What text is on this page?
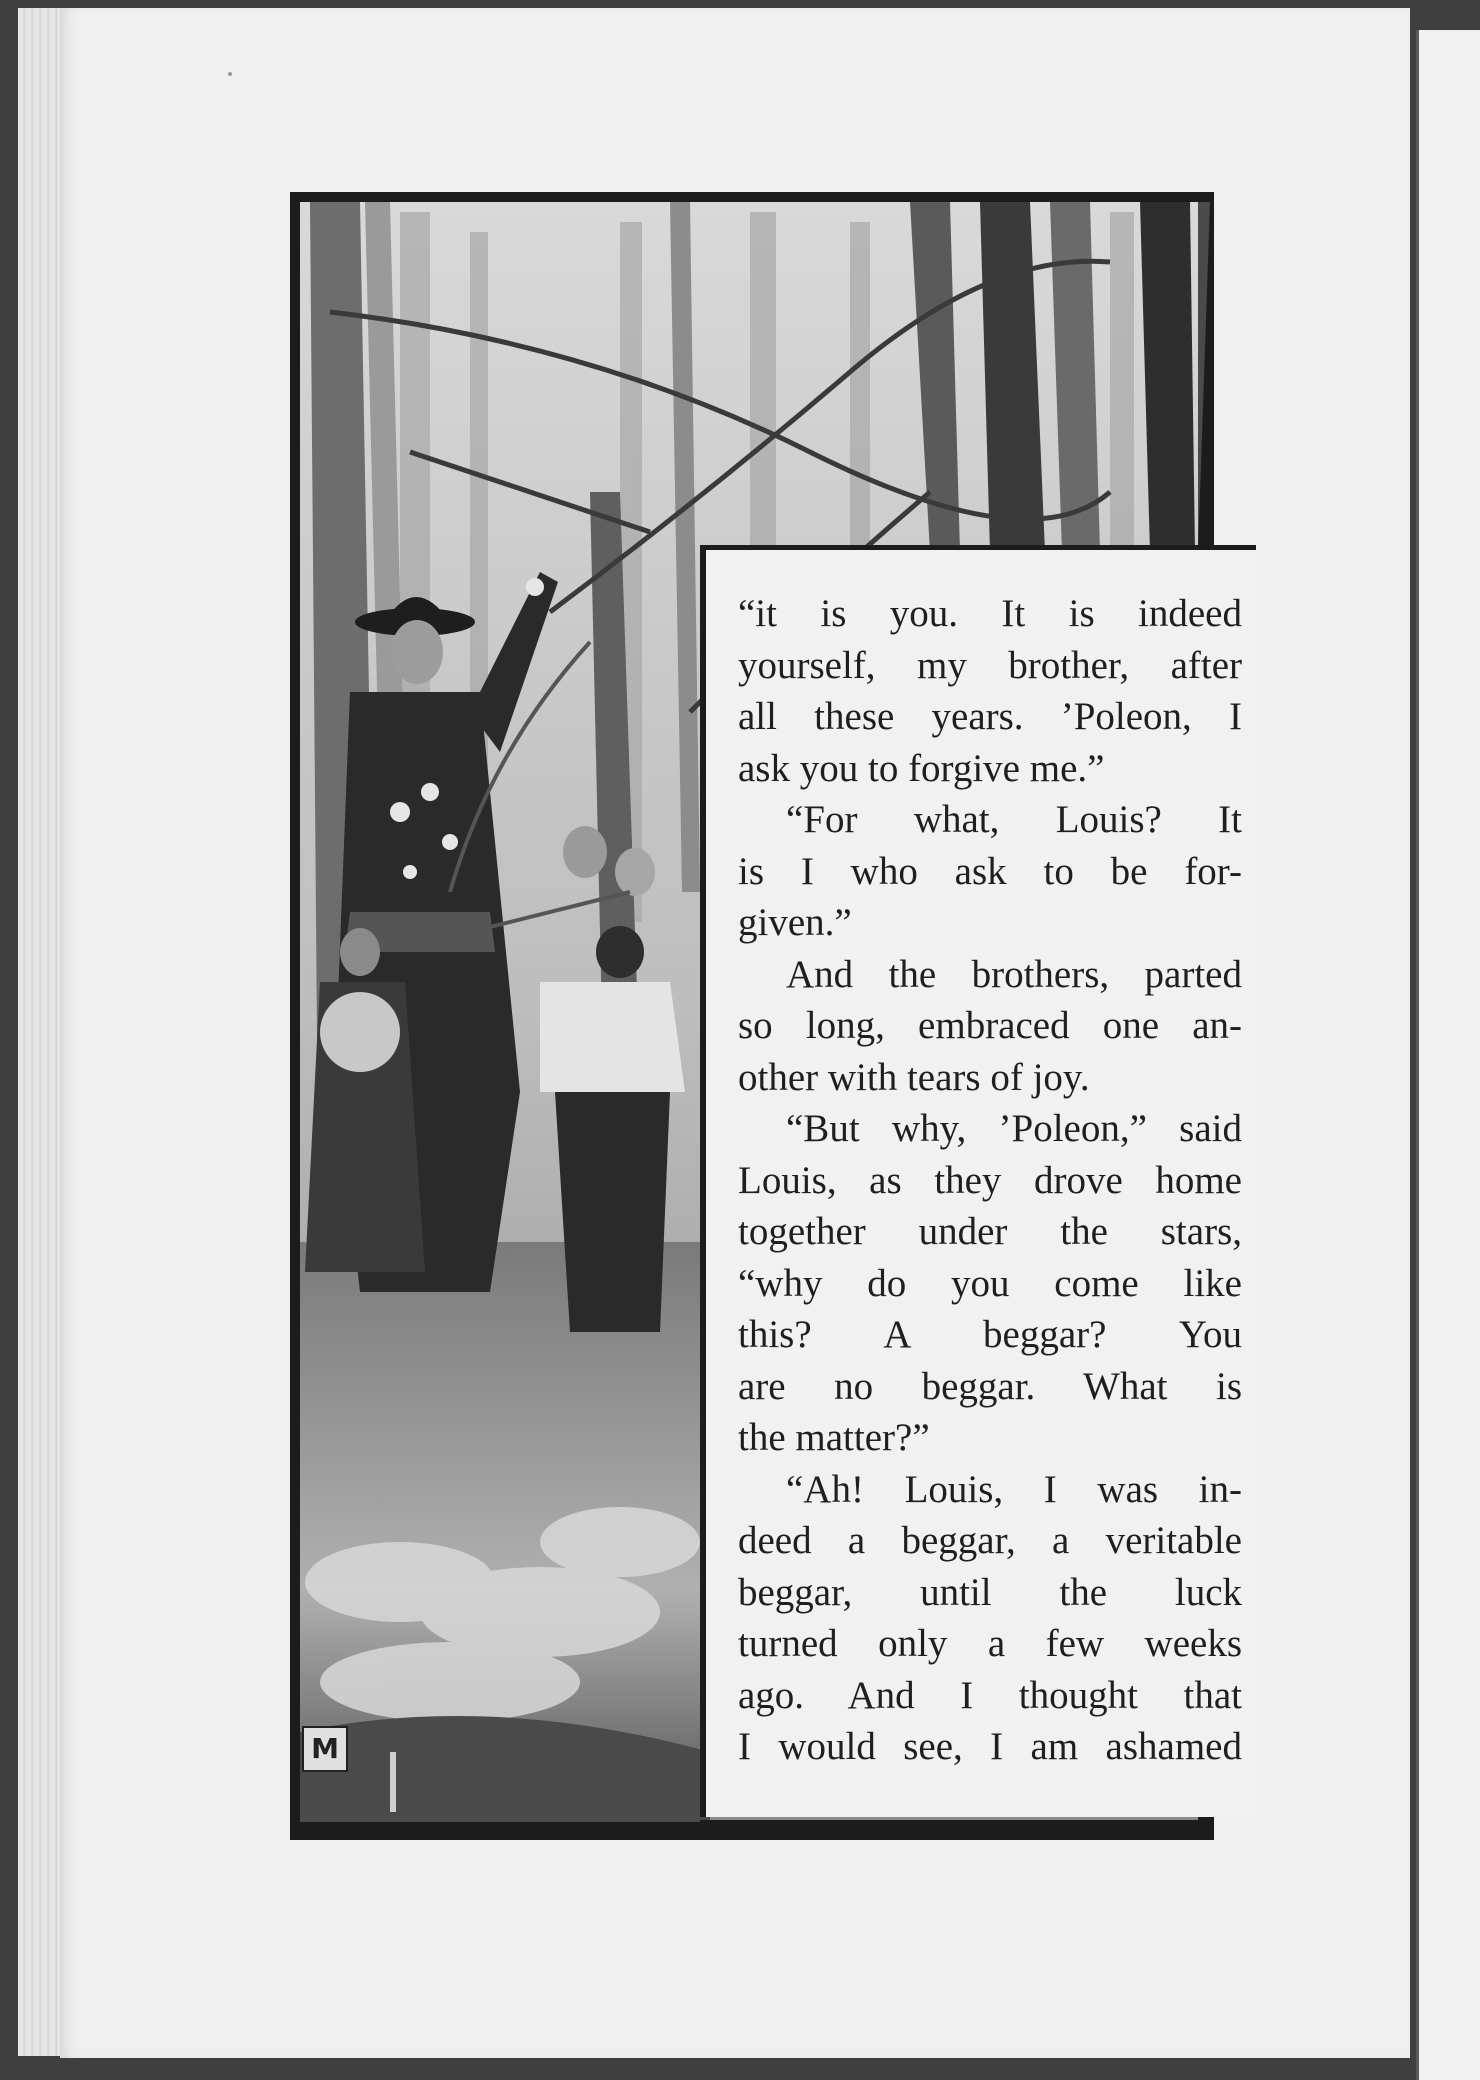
M

“it is you. It is indeed
yourself, my brother, after
all these years. ’Poleon, I
ask you to forgive me.”
“For what, Louis? It
is I who ask to be for-
given.”
And the brothers, parted
so long, embraced one an-
other with tears of joy.
“But why, ’Poleon,” said
Louis, as they drove home
together under the stars,
“why do you come like
this? A beggar? You
are no beggar. What is
the matter?”
“Ah! Louis, I was in-
deed a beggar, a veritable
beggar, until the luck
turned only a few weeks
ago. And I thought that
I would see, I am ashamed
